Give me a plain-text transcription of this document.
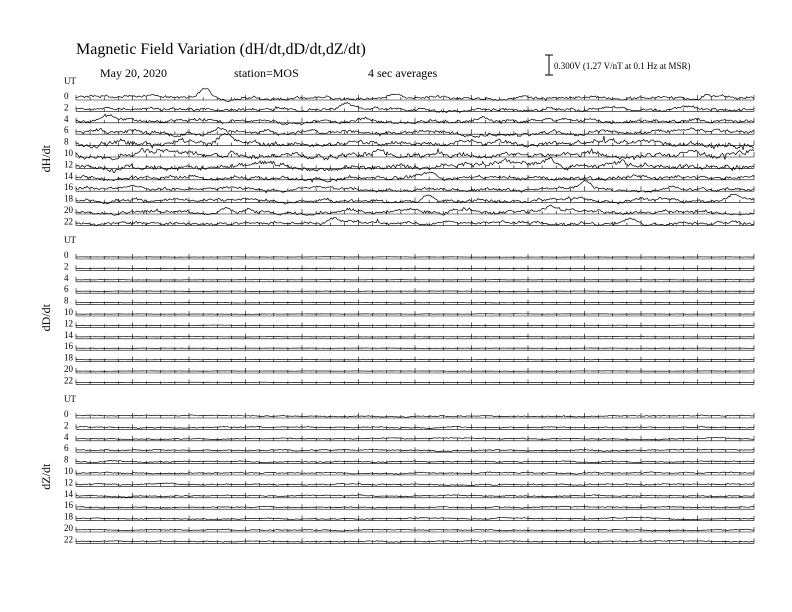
Magnetic Field Variation (dH/dt,dD/dt,dZ/dt)
May 20, 2020	station=MOS	4 sec averages	0.300V (1.27 V/nT at 0.1 Hz at MSR)
UT
dH/dt
0
2
4
6
8
10
12
14
16
18
20
22
UT
dD/dt
0
2
4
6
8
10
12
14
16
18
20
22
UT
dZ/dt
0
2
4
6
8
10
12
14
16
18
20
22
